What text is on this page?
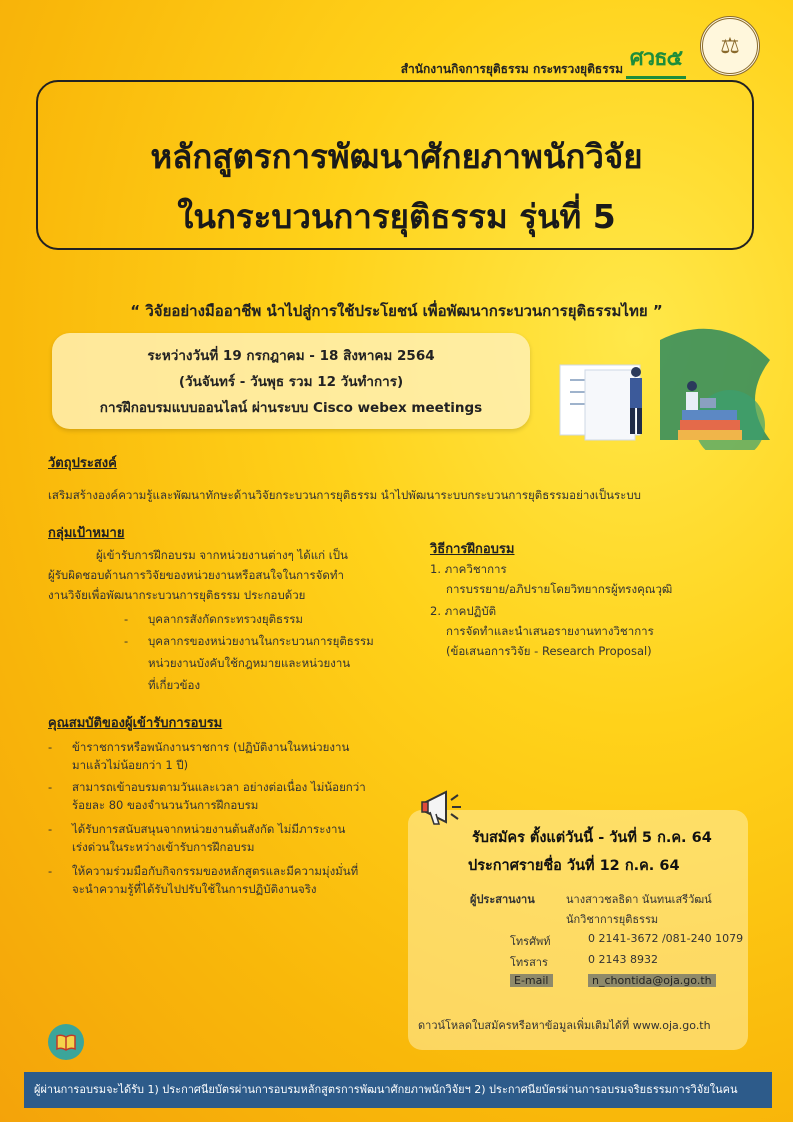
สำนักงานกิจการยุติธรรม กระทรวงยุติธรรม ศวธ๕	⚖
หลักสูตรการพัฒนาศักยภาพนักวิจัย
ในกระบวนการยุติธรรม รุ่นที่ 5
“ วิจัยอย่างมืออาชีพ นำไปสู่การใช้ประโยชน์ เพื่อพัฒนากระบวนการยุติธรรมไทย ”
ระหว่างวันที่ 19 กรกฎาคม - 18 สิงหาคม 2564
(วันจันทร์ - วันพุธ รวม 12 วันทำการ)
การฝึกอบรมแบบออนไลน์ ผ่านระบบ Cisco webex meetings
วัตถุประสงค์
เสริมสร้างองค์ความรู้และพัฒนาทักษะด้านวิจัยกระบวนการยุติธรรม นำไปพัฒนาระบบกระบวนการยุติธรรมอย่างเป็นระบบ
กลุ่มเป้าหมาย
ผู้เข้ารับการฝึกอบรม จากหน่วยงานต่างๆ ได้แก่ เป็น
ผู้รับผิดชอบด้านการวิจัยของหน่วยงานหรือสนใจในการจัดทำ
งานวิจัยเพื่อพัฒนากระบวนการยุติธรรม ประกอบด้วย
- บุคลากรสังกัดกระทรวงยุติธรรม
- บุคลากรของหน่วยงานในกระบวนการยุติธรรม
หน่วยงานบังคับใช้กฎหมายและหน่วยงาน
ที่เกี่ยวข้อง
วิธีการฝึกอบรม
1. ภาควิชาการ
การบรรยาย/อภิปรายโดยวิทยากรผู้ทรงคุณวุฒิ
2. ภาคปฏิบัติ
การจัดทำและนำเสนอรายงานทางวิชาการ
(ข้อเสนอการวิจัย - Research Proposal)
คุณสมบัติของผู้เข้ารับการอบรม
- ข้าราชการหรือพนักงานราชการ (ปฏิบัติงานในหน่วยงาน
มาแล้วไม่น้อยกว่า 1 ปี)
- สามารถเข้าอบรมตามวันและเวลา อย่างต่อเนื่อง ไม่น้อยกว่า
ร้อยละ 80 ของจำนวนวันการฝึกอบรม
- ได้รับการสนับสนุนจากหน่วยงานต้นสังกัด ไม่มีภาระงาน
เร่งด่วนในระหว่างเข้ารับการฝึกอบรม
- ให้ความร่วมมือกับกิจกรรมของหลักสูตรและมีความมุ่งมั่นที่
จะนำความรู้ที่ได้รับไปปรับใช้ในการปฏิบัติงานจริง
รับสมัคร ตั้งแต่วันนี้ - วันที่ 5 ก.ค. 64
ประกาศรายชื่อ วันที่ 12 ก.ค. 64
ผู้ประสานงาน	นางสาวชลธิดา นันทนเสรีวัฒน์
นักวิชาการยุติธรรม
โทรศัพท์	0 2141-3672 /081-240 1079
โทรสาร	0 2143 8932
E-mail	n_chontida@oja.go.th
ดาวน์โหลดใบสมัครหรือหาข้อมูลเพิ่มเติมได้ที่ www.oja.go.th
ผู้ผ่านการอบรมจะได้รับ 1) ประกาศนียบัตรผ่านการอบรมหลักสูตรการพัฒนาศักยภาพนักวิจัยฯ 2) ประกาศนียบัตรผ่านการอบรมจริยธรรมการวิจัยในคน
